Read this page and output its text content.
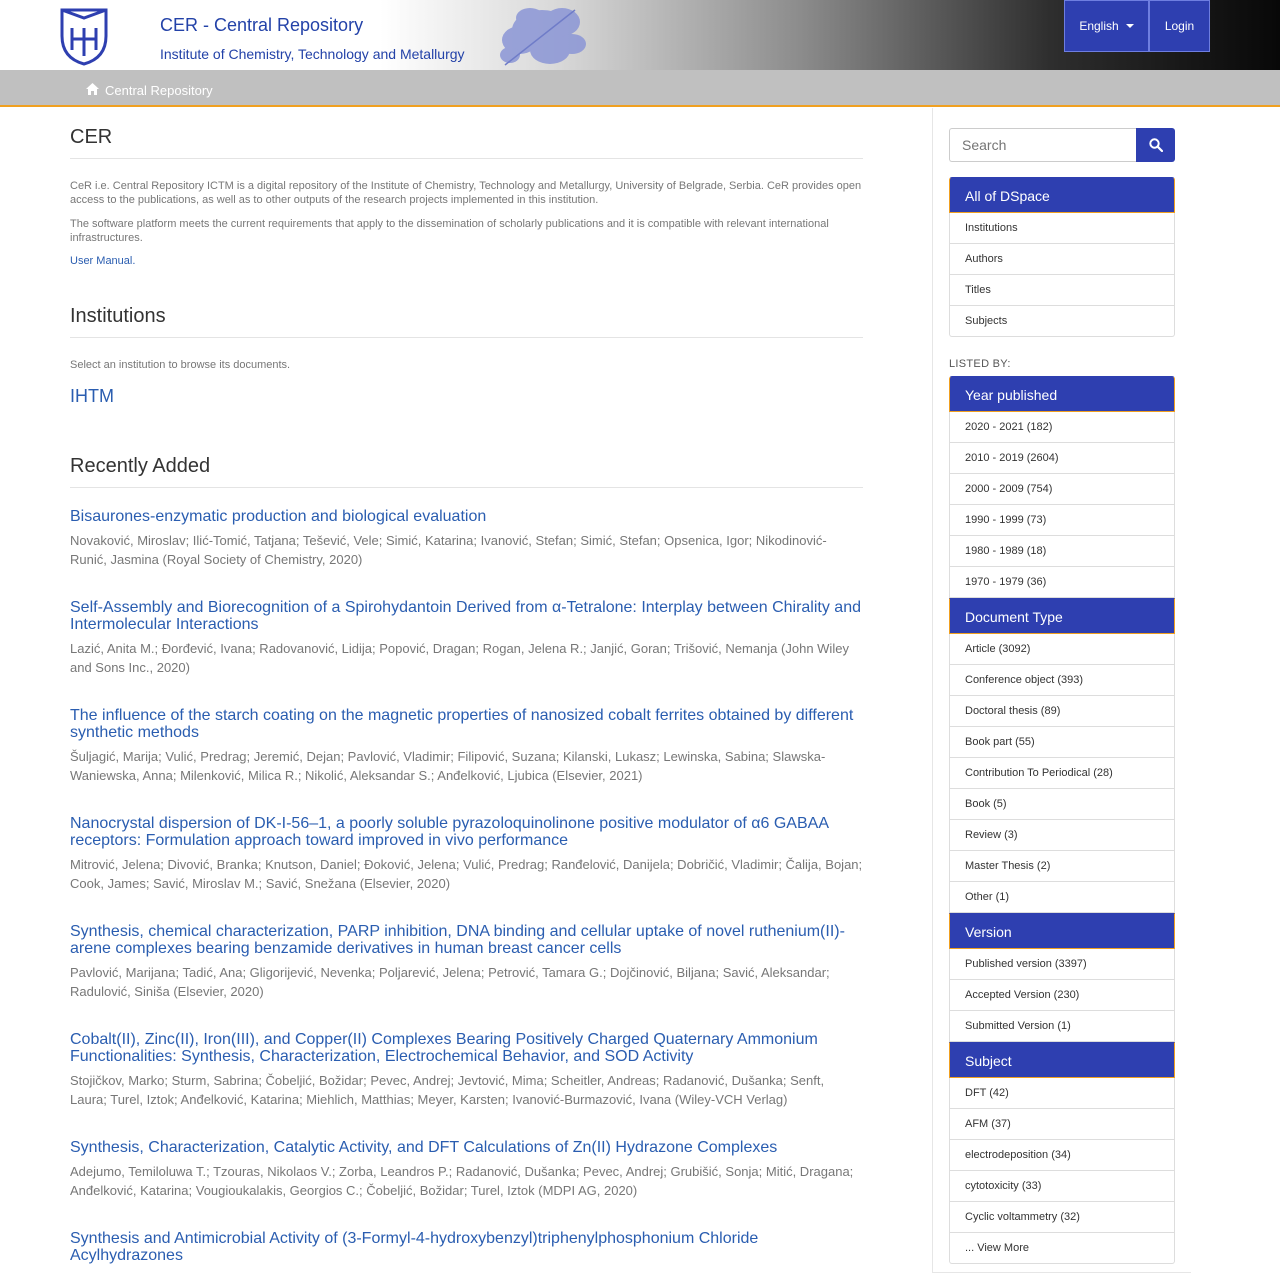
CER - Central Repository
Institute of Chemistry, Technology and Metallurgy
English	Login
Central Repository
CER

CeR i.e. Central Repository ICTM is a digital repository of the Institute of Chemistry, Technology and Metallurgy, University of Belgrade, Serbia. CeR provides open access to the publications, as well as to other outputs of the research projects implemented in this institution.

The software platform meets the current requirements that apply to the dissemination of scholarly publications and it is compatible with relevant international infrastructures.

User Manual.
Institutions

Select an institution to browse its documents.

IHTM
Recently Added
Bisaurones-enzymatic production and biological evaluation
Novaković, Miroslav; Ilić-Tomić, Tatjana; Tešević, Vele; Simić, Katarina; Ivanović, Stefan; Simić, Stefan; Opsenica, Igor; Nikodinović-Runić, Jasmina (Royal Society of Chemistry, 2020)
Self-Assembly and Biorecognition of a Spirohydantoin Derived from α-Tetralone: Interplay between Chirality and Intermolecular Interactions
Lazić, Anita M.; Đorđević, Ivana; Radovanović, Lidija; Popović, Dragan; Rogan, Jelena R.; Janjić, Goran; Trišović, Nemanja (John Wiley and Sons Inc., 2020)
The influence of the starch coating on the magnetic properties of nanosized cobalt ferrites obtained by different synthetic methods
Šuljagić, Marija; Vulić, Predrag; Jeremić, Dejan; Pavlović, Vladimir; Filipović, Suzana; Kilanski, Lukasz; Lewinska, Sabina; Slawska-Waniewska, Anna; Milenković, Milica R.; Nikolić, Aleksandar S.; Anđelković, Ljubica (Elsevier, 2021)
Nanocrystal dispersion of DK-I-56–1, a poorly soluble pyrazoloquinolinone positive modulator of α6 GABAA receptors: Formulation approach toward improved in vivo performance
Mitrović, Jelena; Divović, Branka; Knutson, Daniel; Đoković, Jelena; Vulić, Predrag; Ranđelović, Danijela; Dobričić, Vladimir; Čalija, Bojan; Cook, James; Savić, Miroslav M.; Savić, Snežana (Elsevier, 2020)
Synthesis, chemical characterization, PARP inhibition, DNA binding and cellular uptake of novel ruthenium(II)-arene complexes bearing benzamide derivatives in human breast cancer cells
Pavlović, Marijana; Tadić, Ana; Gligorijević, Nevenka; Poljarević, Jelena; Petrović, Tamara G.; Dojčinović, Biljana; Savić, Aleksandar; Radulović, Siniša (Elsevier, 2020)
Cobalt(II), Zinc(II), Iron(III), and Copper(II) Complexes Bearing Positively Charged Quaternary Ammonium Functionalities: Synthesis, Characterization, Electrochemical Behavior, and SOD Activity
Stojičkov, Marko; Sturm, Sabrina; Čobeljić, Božidar; Pevec, Andrej; Jevtović, Mima; Scheitler, Andreas; Radanović, Dušanka; Senft, Laura; Turel, Iztok; Anđelković, Katarina; Miehlich, Matthias; Meyer, Karsten; Ivanović-Burmazović, Ivana (Wiley-VCH Verlag)
Synthesis, Characterization, Catalytic Activity, and DFT Calculations of Zn(II) Hydrazone Complexes
Adejumo, Temiloluwa T.; Tzouras, Nikolaos V.; Zorba, Leandros P.; Radanović, Dušanka; Pevec, Andrej; Grubišić, Sonja; Mitić, Dragana; Anđelković, Katarina; Vougioukalakis, Georgios C.; Čobeljić, Božidar; Turel, Iztok (MDPI AG, 2020)
Synthesis and Antimicrobial Activity of (3-Formyl-4-hydroxybenzyl)triphenylphosphonium Chloride Acylhydrazones
Search
All of DSpace
Institutions
Authors
Titles
Subjects
LISTED BY:
Year published
2020 - 2021 (182)
2010 - 2019 (2604)
2000 - 2009 (754)
1990 - 1999 (73)
1980 - 1989 (18)
1970 - 1979 (36)
Document Type
Article (3092)
Conference object (393)
Doctoral thesis (89)
Book part (55)
Contribution To Periodical (28)
Book (5)
Review (3)
Master Thesis (2)
Other (1)
Version
Published version (3397)
Accepted Version (230)
Submitted Version (1)
Subject
DFT (42)
AFM (37)
electrodeposition (34)
cytotoxicity (33)
Cyclic voltammetry (32)
... View More
